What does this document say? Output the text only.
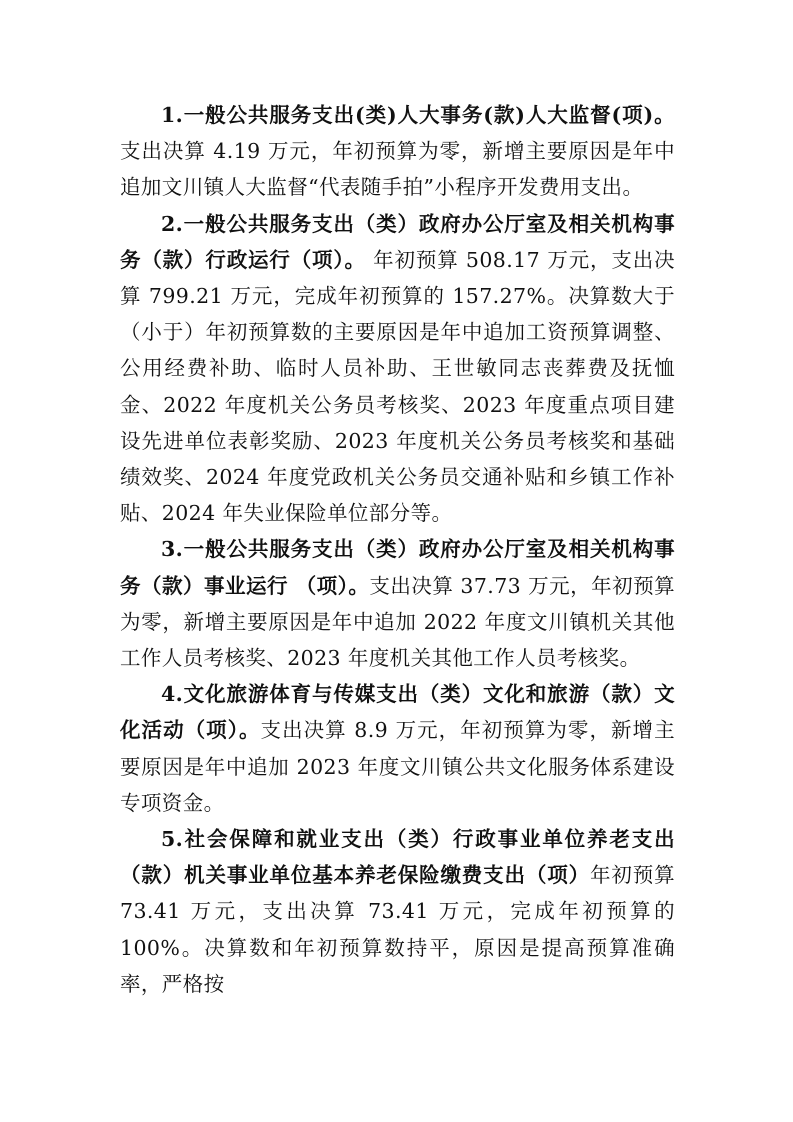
1.一般公共服务支出(类)人大事务(款)人大监督(项)。支出决算 4.19 万元，年初预算为零，新增主要原因是年中追加文川镇人大监督“代表随手拍”小程序开发费用支出。

2.一般公共服务支出（类）政府办公厅室及相关机构事务（款）行政运行（项）。 年初预算 508.17 万元，支出决算 799.21 万元，完成年初预算的 157.27%。决算数大于（小于）年初预算数的主要原因是年中追加工资预算调整、公用经费补助、临时人员补助、王世敏同志丧葬费及抚恤金、2022 年度机关公务员考核奖、2023 年度重点项目建设先进单位表彰奖励、2023 年度机关公务员考核奖和基础绩效奖、2024 年度党政机关公务员交通补贴和乡镇工作补贴、2024 年失业保险单位部分等。

3.一般公共服务支出（类）政府办公厅室及相关机构事务（款）事业运行 （项）。支出决算 37.73 万元，年初预算为零，新增主要原因是年中追加 2022 年度文川镇机关其他工作人员考核奖、2023 年度机关其他工作人员考核奖。

4.文化旅游体育与传媒支出（类）文化和旅游（款）文化活动（项）。支出决算 8.9 万元，年初预算为零，新增主要原因是年中追加 2023 年度文川镇公共文化服务体系建设专项资金。

5.社会保障和就业支出（类）行政事业单位养老支出（款）机关事业单位基本养老保险缴费支出（项）年初预算 73.41 万元，支出决算 73.41 万元，完成年初预算的 100%。决算数和年初预算数持平，原因是提高预算准确率，严格按
